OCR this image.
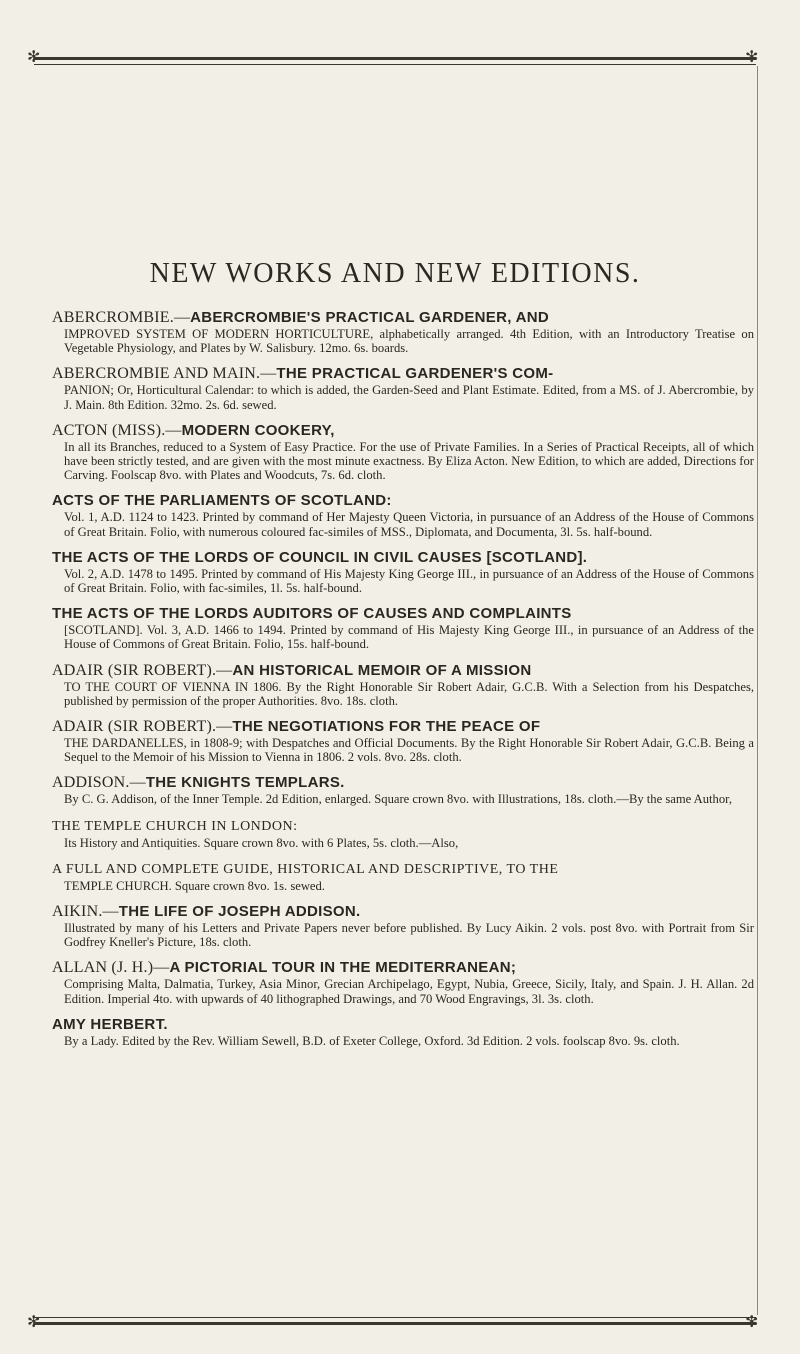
✻	✻
✻	✻
NEW WORKS AND NEW EDITIONS.
ABERCROMBIE.—ABERCROMBIE'S PRACTICAL GARDENER, AND
IMPROVED SYSTEM OF MODERN HORTICULTURE, alphabetically arranged. 4th Edition, with an Introductory Treatise on Vegetable Physiology, and Plates by W. Salisbury. 12mo. 6s. boards.
ABERCROMBIE AND MAIN.—THE PRACTICAL GARDENER'S COM-
PANION; Or, Horticultural Calendar: to which is added, the Garden-Seed and Plant Estimate. Edited, from a MS. of J. Abercrombie, by J. Main. 8th Edition. 32mo. 2s. 6d. sewed.
ACTON (MISS).—MODERN COOKERY,
In all its Branches, reduced to a System of Easy Practice. For the use of Private Families. In a Series of Practical Receipts, all of which have been strictly tested, and are given with the most minute exactness. By Eliza Acton. New Edition, to which are added, Directions for Carving. Foolscap 8vo. with Plates and Woodcuts, 7s. 6d. cloth.
ACTS OF THE PARLIAMENTS OF SCOTLAND:
Vol. 1, A.D. 1124 to 1423. Printed by command of Her Majesty Queen Victoria, in pursuance of an Address of the House of Commons of Great Britain. Folio, with numerous coloured fac-similes of MSS., Diplomata, and Documenta, 3l. 5s. half-bound.
THE ACTS OF THE LORDS OF COUNCIL IN CIVIL CAUSES [SCOTLAND].
Vol. 2, A.D. 1478 to 1495. Printed by command of His Majesty King George III., in pursuance of an Address of the House of Commons of Great Britain. Folio, with fac-similes, 1l. 5s. half-bound.
THE ACTS OF THE LORDS AUDITORS OF CAUSES AND COMPLAINTS
[SCOTLAND]. Vol. 3, A.D. 1466 to 1494. Printed by command of His Majesty King George III., in pursuance of an Address of the House of Commons of Great Britain. Folio, 15s. half-bound.
ADAIR (SIR ROBERT).—AN HISTORICAL MEMOIR OF A MISSION
TO THE COURT OF VIENNA IN 1806. By the Right Honorable Sir Robert Adair, G.C.B. With a Selection from his Despatches, published by permission of the proper Authorities. 8vo. 18s. cloth.
ADAIR (SIR ROBERT).—THE NEGOTIATIONS FOR THE PEACE OF
THE DARDANELLES, in 1808-9; with Despatches and Official Documents. By the Right Honorable Sir Robert Adair, G.C.B. Being a Sequel to the Memoir of his Mission to Vienna in 1806. 2 vols. 8vo. 28s. cloth.
ADDISON.—THE KNIGHTS TEMPLARS.
By C. G. Addison, of the Inner Temple. 2d Edition, enlarged. Square crown 8vo. with Illustrations, 18s. cloth.—By the same Author,
THE TEMPLE CHURCH IN LONDON:
Its History and Antiquities. Square crown 8vo. with 6 Plates, 5s. cloth.—Also,
A FULL AND COMPLETE GUIDE, HISTORICAL AND DESCRIPTIVE, TO THE
TEMPLE CHURCH. Square crown 8vo. 1s. sewed.
AIKIN.—THE LIFE OF JOSEPH ADDISON.
Illustrated by many of his Letters and Private Papers never before published. By Lucy Aikin. 2 vols. post 8vo. with Portrait from Sir Godfrey Kneller's Picture, 18s. cloth.
ALLAN (J. H.)—A PICTORIAL TOUR IN THE MEDITERRANEAN;
Comprising Malta, Dalmatia, Turkey, Asia Minor, Grecian Archipelago, Egypt, Nubia, Greece, Sicily, Italy, and Spain. J. H. Allan. 2d Edition. Imperial 4to. with upwards of 40 lithographed Drawings, and 70 Wood Engravings, 3l. 3s. cloth.
AMY HERBERT.
By a Lady. Edited by the Rev. William Sewell, B.D. of Exeter College, Oxford. 3d Edition. 2 vols. foolscap 8vo. 9s. cloth.
